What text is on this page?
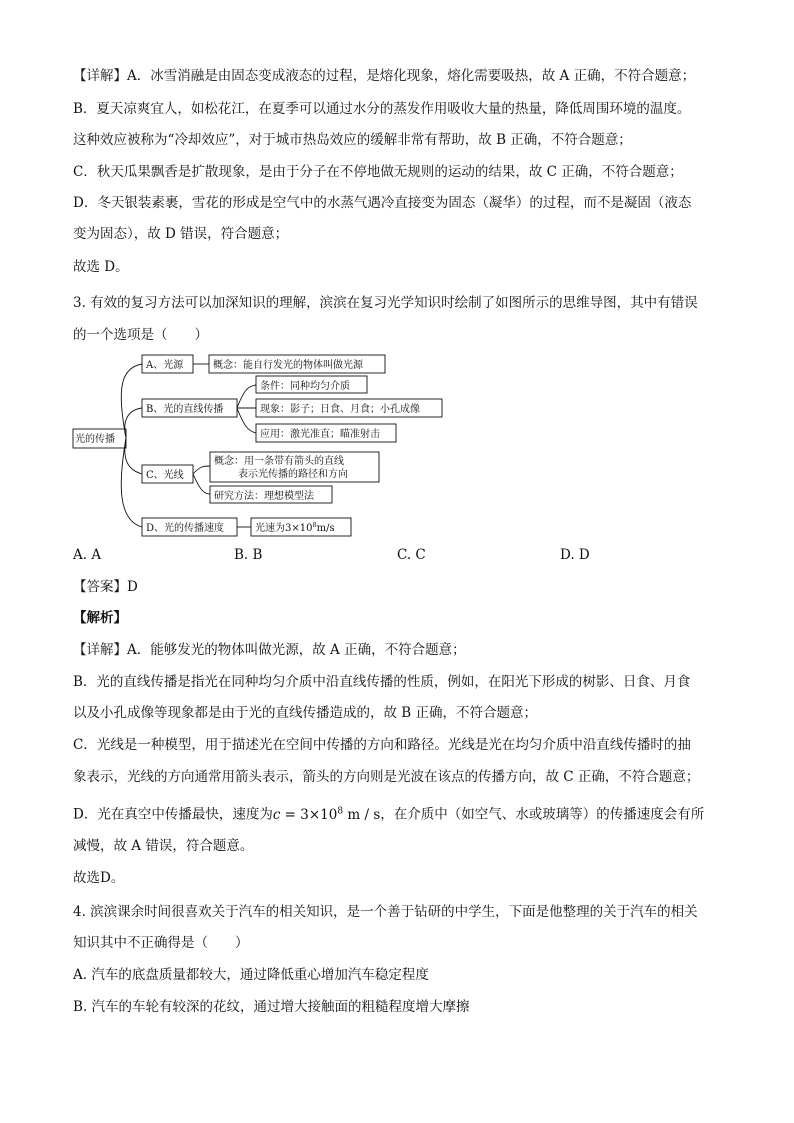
【详解】A．冰雪消融是由固态变成液态的过程，是熔化现象，熔化需要吸热，故 A 正确，不符合题意；
B．夏天凉爽宜人，如松花江，在夏季可以通过水分的蒸发作用吸收大量的热量，降低周围环境的温度。
这种效应被称为“冷却效应”，对于城市热岛效应的缓解非常有帮助，故 B 正确，不符合题意；
C．秋天瓜果飘香是扩散现象，是由于分子在不停地做无规则的运动的结果，故 C 正确，不符合题意；
D．冬天银装素裹，雪花的形成是空气中的水蒸气遇冷直接变为固态（凝华）的过程，而不是凝固（液态
变为固态），故 D 错误，符合题意；
故选 D。
3. 有效的复习方法可以加深知识的理解，滨滨在复习光学知识时绘制了如图所示的思维导图，其中有错误
的一个选项是（　　）
光的传播
A、光源	概念：能自行发光的物体叫做光源
B、光的直线传播
条件：同种均匀介质
现象：影子；日食、月食；小孔成像
应用：激光准直；瞄准射击
C、光线
概念：用一条带有箭头的直线
表示光传播的路径和方向
研究方法：理想模型法
D、光的传播速度	光速为$3\times 10^8m/s$
A. A	B. B	C. C	D. D
【答案】D
【解析】
【详解】A．能够发光的物体叫做光源，故 A 正确，不符合题意；
B．光的直线传播是指光在同种均匀介质中沿直线传播的性质，例如，在阳光下形成的树影、日食、月食
以及小孔成像等现象都是由于光的直线传播造成的，故 B 正确，不符合题意；
C．光线是一种模型，用于描述光在空间中传播的方向和路径。光线是光在均匀介质中沿直线传播时的抽
象表示，光线的方向通常用箭头表示，箭头的方向则是光波在该点的传播方向，故 C 正确，不符合题意；
D．光在真空中传播最快，速度为$c = 3\times 10^8$ m / s，在介质中（如空气、水或玻璃等）的传播速度会有所
减慢，故 A 错误，符合题意。
故选D。
4. 滨滨课余时间很喜欢关于汽车的相关知识，是一个善于钻研的中学生，下面是他整理的关于汽车的相关
知识其中不正确得是（　　）
A. 汽车的底盘质量都较大，通过降低重心增加汽车稳定程度
B. 汽车的车轮有较深的花纹，通过增大接触面的粗糙程度增大摩擦
